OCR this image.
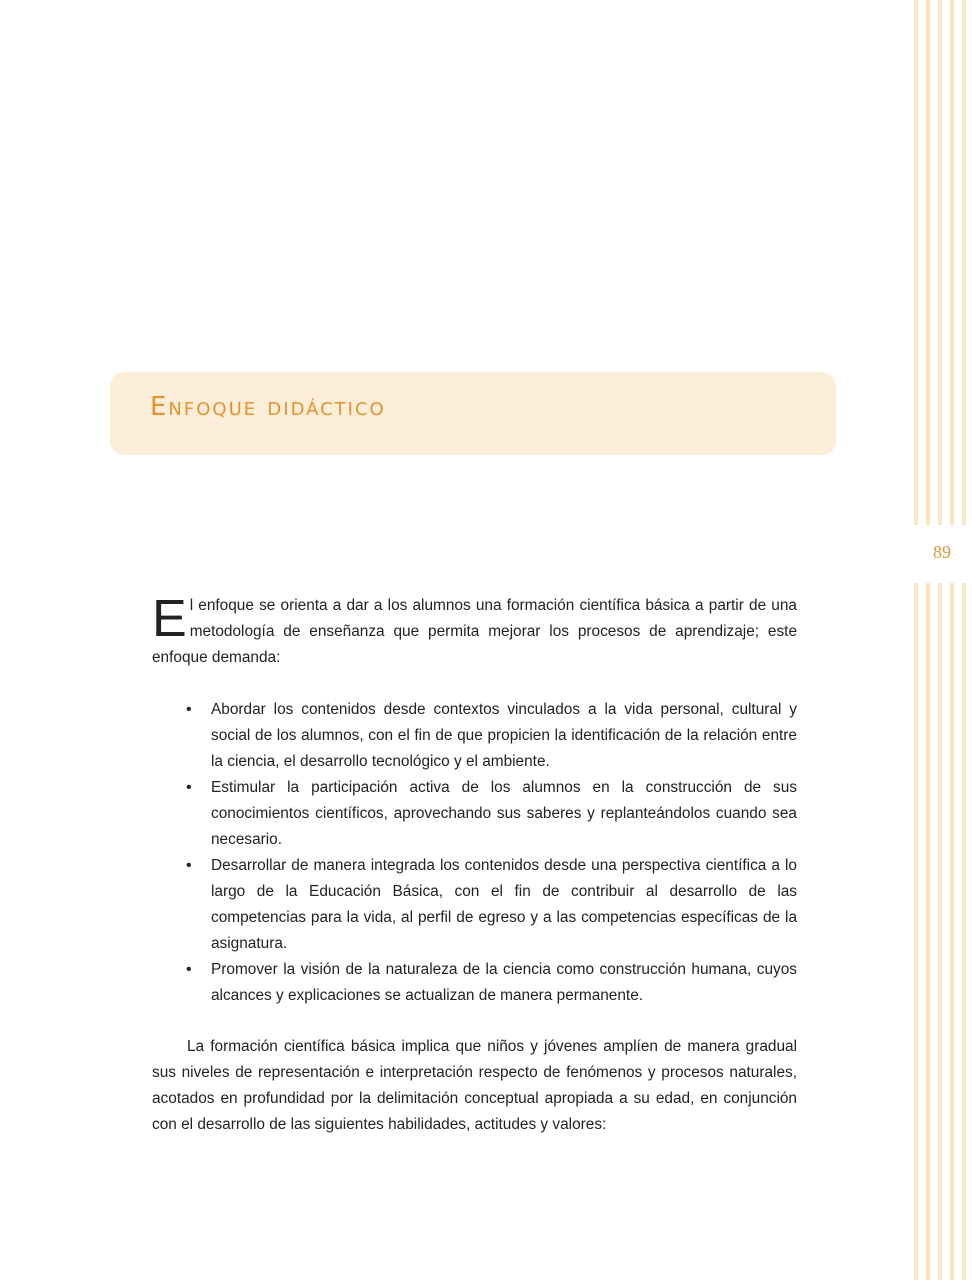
89
Enfoque didáctico
E l enfoque se orienta a dar a los alumnos una formación científica básica a partir de una metodología de enseñanza que permita mejorar los procesos de aprendizaje; este enfoque demanda:
• Abordar los contenidos desde contextos vinculados a la vida personal, cultural y social de los alumnos, con el fin de que propicien la identificación de la relación entre la ciencia, el desarrollo tecnológico y el ambiente.
• Estimular la participación activa de los alumnos en la construcción de sus conocimientos científicos, aprovechando sus saberes y replanteándolos cuando sea necesario.
• Desarrollar de manera integrada los contenidos desde una perspectiva científica a lo largo de la Educación Básica, con el fin de contribuir al desarrollo de las competencias para la vida, al perfil de egreso y a las competencias específicas de la asignatura.
• Promover la visión de la naturaleza de la ciencia como construcción humana, cuyos alcances y explicaciones se actualizan de manera permanente.

La formación científica básica implica que niños y jóvenes amplíen de manera gradual sus niveles de representación e interpretación respecto de fenómenos y procesos naturales, acotados en profundidad por la delimitación conceptual apropiada a su edad, en conjunción con el desarrollo de las siguientes habilidades, actitudes y valores:
